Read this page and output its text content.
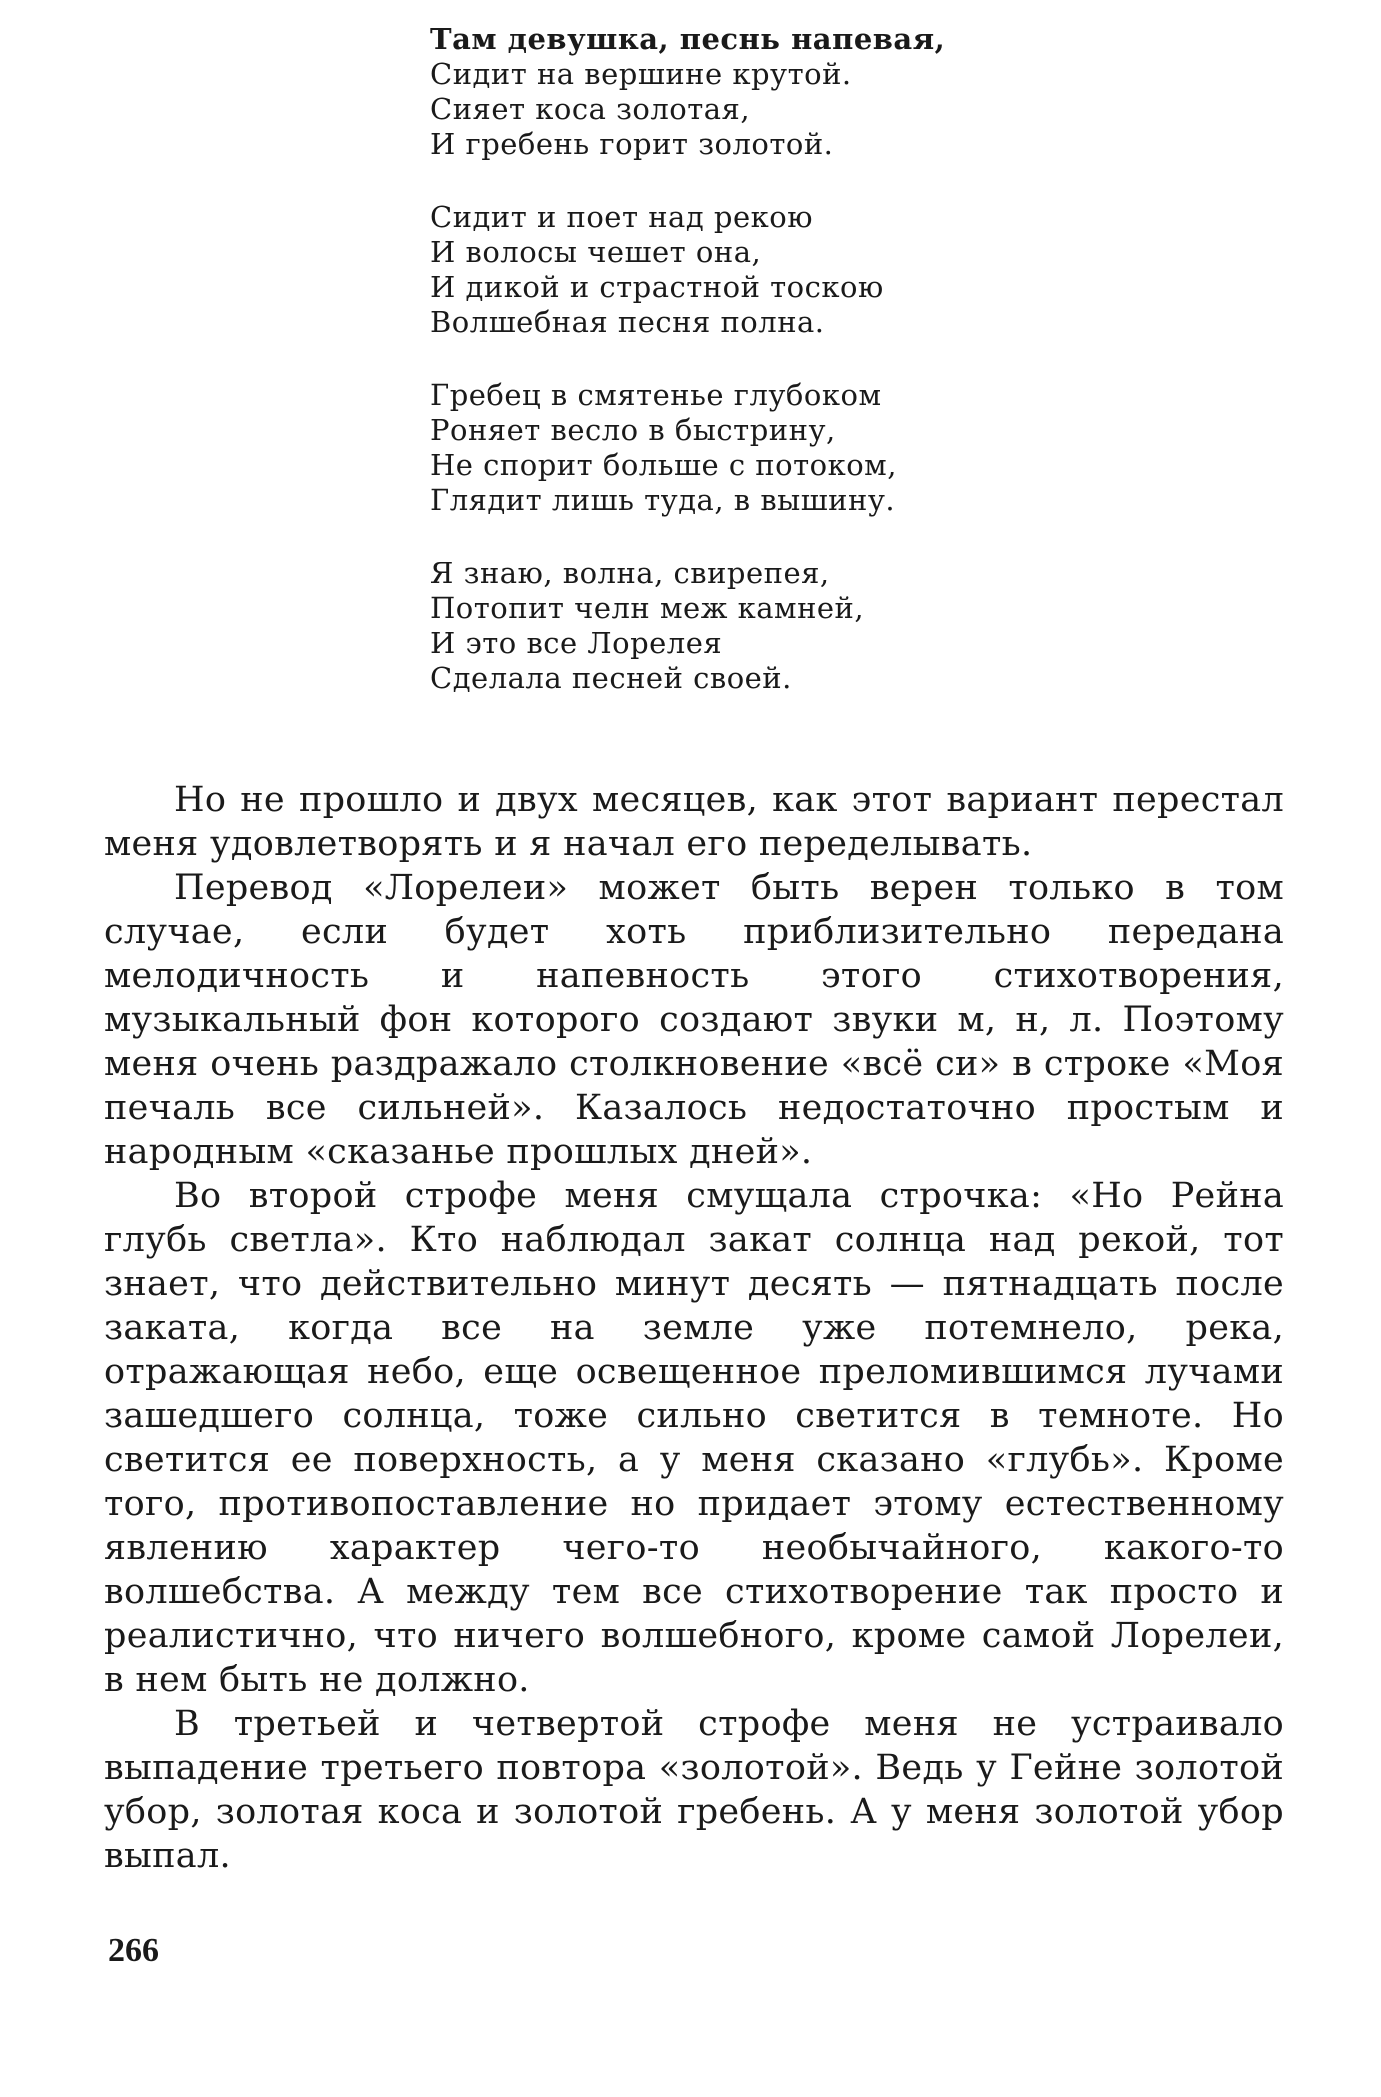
Там девушка, песнь напевая,
Сидит на вершине крутой.
Сияет коса золотая,
И гребень горит золотой.
Сидит и поет над рекою
И волосы чешет она,
И дикой и страстной тоскою
Волшебная песня полна.
Гребец в смятенье глубоком
Роняет весло в быстрину,
Не спорит больше с потоком,
Глядит лишь туда, в вышину.
Я знаю, волна, свирепея,
Потопит челн меж камней,
И это все Лорелея
Сделала песней своей.

Но не прошло и двух месяцев, как этот вариант перестал меня удовлетворять и я начал его переделывать.

Перевод «Лорелеи» может быть верен только в том случае, если будет хоть приблизительно передана мелодичность и напевность этого стихотворения, музыкальный фон которого создают звуки м, н, л. Поэтому меня очень раздражало столкновение «всё си» в строке «Моя печаль все сильней». Казалось недостаточно простым и народным «сказанье прошлых дней».

Во второй строфе меня смущала строчка: «Но Рейна глубь светла». Кто наблюдал закат солнца над рекой, тот знает, что действительно минут десять — пятнадцать после заката, когда все на земле уже потемнело, река, отражающая небо, еще освещенное преломившимся лучами зашедшего солнца, тоже сильно светится в темноте. Но светится ее поверхность, а у меня сказано «глубь». Кроме того, противопоставление но придает этому естественному явлению характер чего-то необычайного, какого-то волшебства. А между тем все стихотворение так просто и реалистично, что ничего волшебного, кроме самой Лорелеи, в нем быть не должно.

В третьей и четвертой строфе меня не устраивало выпадение третьего повтора «золотой». Ведь у Гейне золотой убор, золотая коса и золотой гребень. А у меня золотой убор выпал.

266
